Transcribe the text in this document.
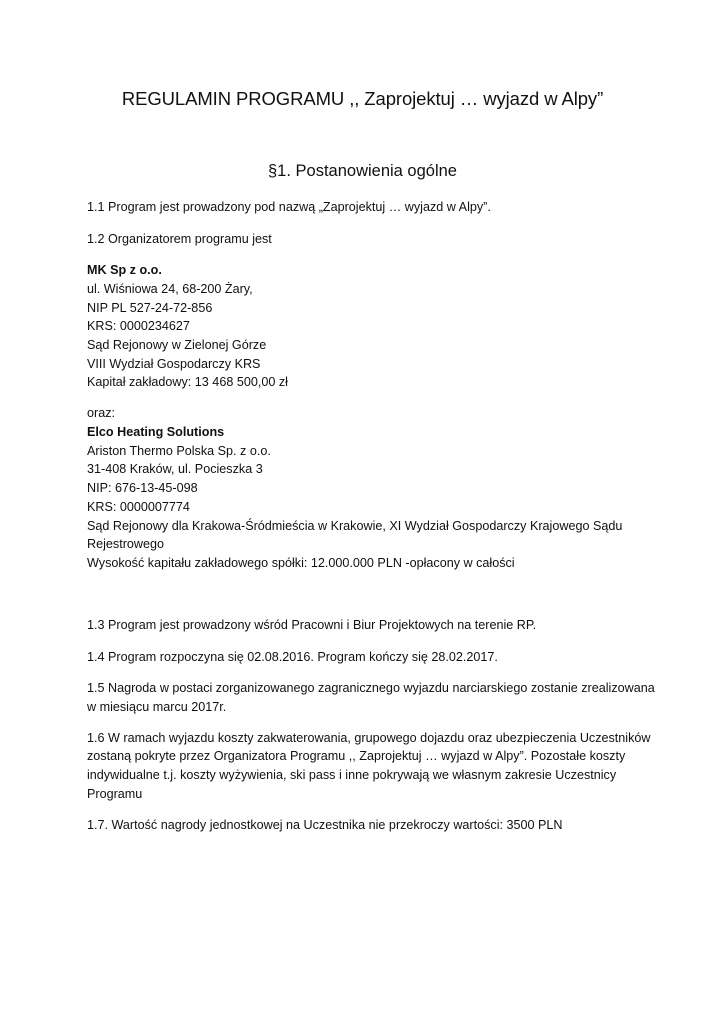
REGULAMIN PROGRAMU ,, Zaprojektuj … wyjazd w Alpy”
§1. Postanowienia ogólne
1.1 Program jest prowadzony pod nazwą „Zaprojektuj … wyjazd w Alpy”.
1.2 Organizatorem programu jest
MK Sp z o.o.
ul. Wiśniowa 24, 68-200 Żary,
NIP PL 527-24-72-856
KRS: 0000234627
Sąd Rejonowy w Zielonej Górze
VIII Wydział Gospodarczy KRS
Kapitał zakładowy: 13 468 500,00 zł
oraz:
Elco Heating Solutions
Ariston Thermo Polska Sp. z o.o.
31-408 Kraków, ul. Pocieszka 3
NIP: 676-13-45-098
KRS: 0000007774
Sąd Rejonowy dla Krakowa-Śródmieścia w Krakowie, XI Wydział Gospodarczy Krajowego Sądu
Rejestrowego
Wysokość kapitału zakładowego spółki: 12.000.000 PLN -opłacony w całości
1.3 Program jest prowadzony wśród Pracowni i Biur Projektowych na terenie RP.
1.4 Program rozpoczyna się 02.08.2016. Program kończy się 28.02.2017.
1.5 Nagroda w postaci zorganizowanego zagranicznego wyjazdu narciarskiego zostanie zrealizowana
w miesiącu marcu 2017r.
1.6 W ramach wyjazdu koszty zakwaterowania, grupowego dojazdu oraz ubezpieczenia Uczestników
zostaną pokryte przez Organizatora Programu ,, Zaprojektuj … wyjazd w Alpy”. Pozostałe koszty
indywidualne t.j. koszty wyżywienia, ski pass i inne pokrywają we własnym zakresie Uczestnicy
Programu
1.7. Wartość nagrody jednostkowej na Uczestnika nie przekroczy wartości: 3500 PLN
